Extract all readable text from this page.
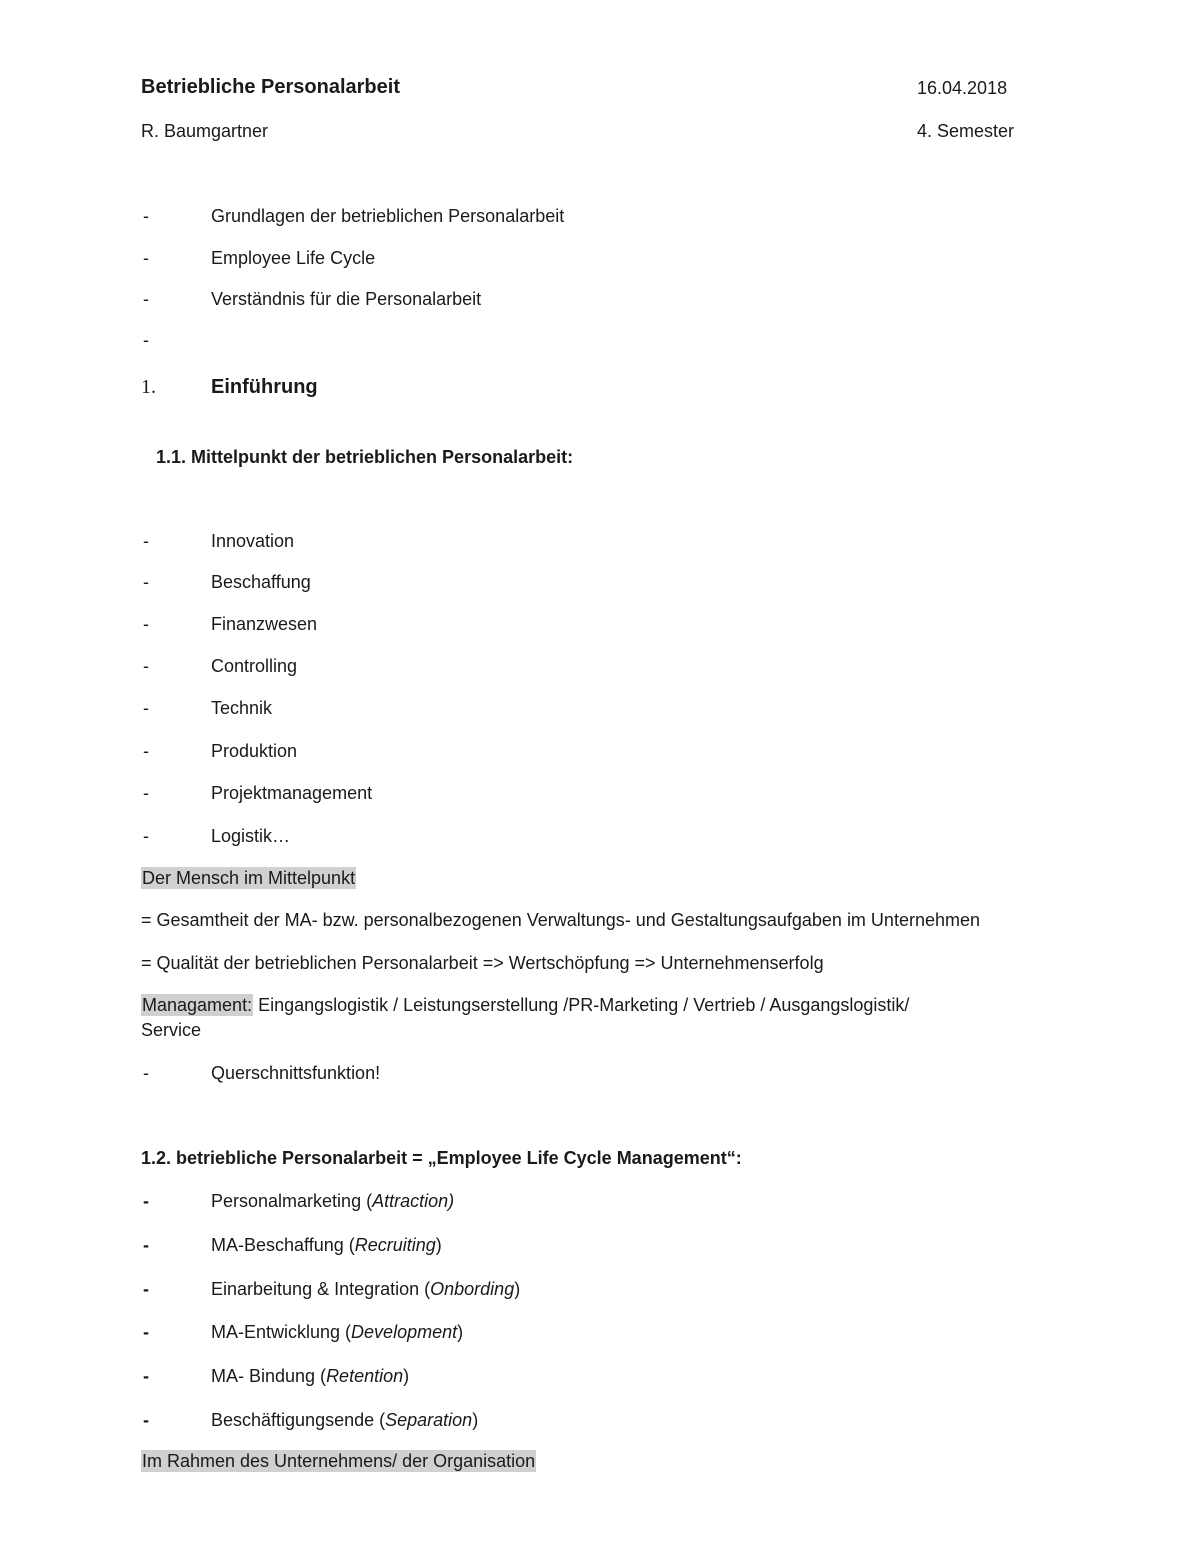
Betriebliche Personalarbeit	16.04.2018
R. Baumgartner	4. Semester
-	Grundlagen der betrieblichen Personalarbeit
-	Employee Life Cycle
-	Verständnis für die Personalarbeit
-
1.	Einführung
1.1. Mittelpunkt der betrieblichen Personalarbeit:
-	Innovation
-	Beschaffung
-	Finanzwesen
-	Controlling
-	Technik
-	Produktion
-	Projektmanagement
-	Logistik…
Der Mensch im Mittelpunkt
= Gesamtheit der MA- bzw. personalbezogenen Verwaltungs- und Gestaltungsaufgaben im Unternehmen
= Qualität der betrieblichen Personalarbeit => Wertschöpfung => Unternehmenserfolg
Managament: Eingangslogistik / Leistungserstellung /PR-Marketing / Vertrieb / Ausgangslogistik/
Service
-	Querschnittsfunktion!
1.2. betriebliche Personalarbeit = „Employee Life Cycle Management“:
-	Personalmarketing (Attraction)
-	MA-Beschaffung (Recruiting)
-	Einarbeitung & Integration (Onbording)
-	MA-Entwicklung (Development)
-	MA- Bindung (Retention)
-	Beschäftigungsende (Separation)
Im Rahmen des Unternehmens/ der Organisation
